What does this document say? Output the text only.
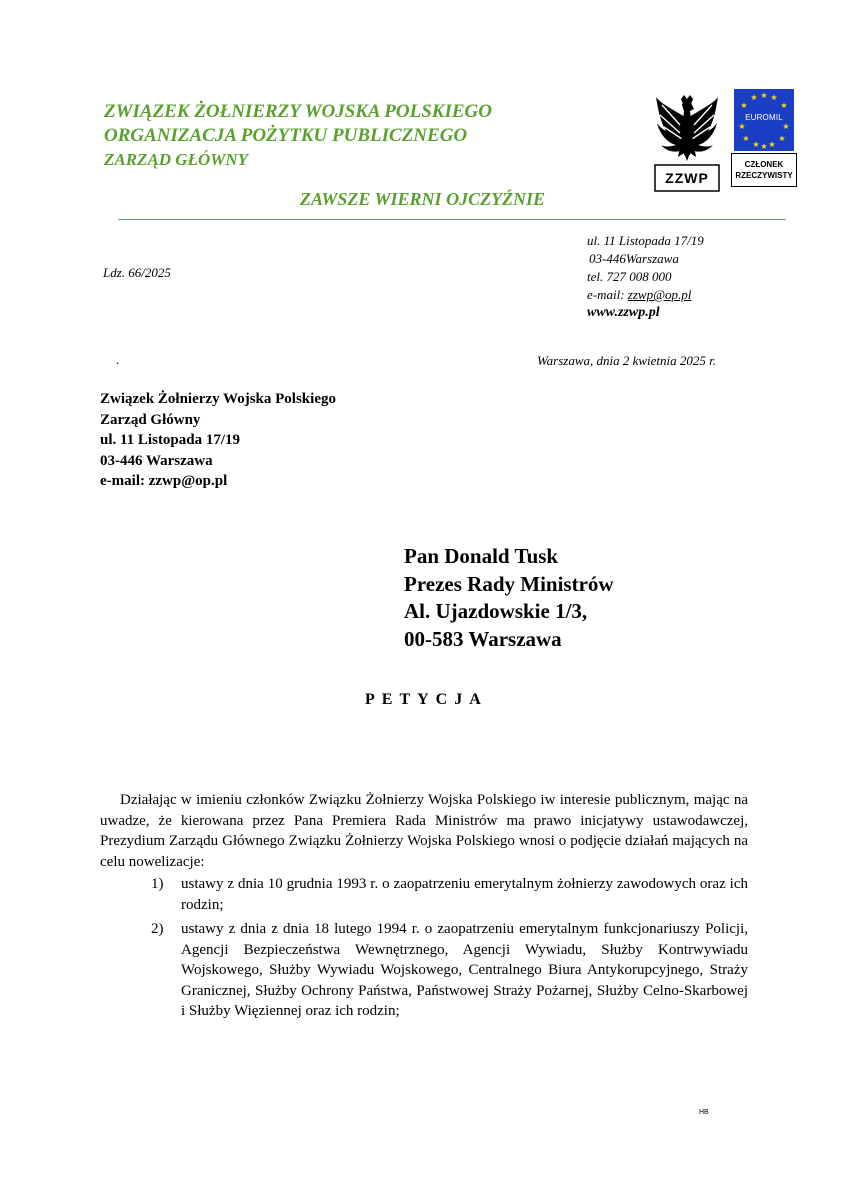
ZWIĄZEK ŻOŁNIERZY WOJSKA POLSKIEGO
ORGANIZACJA POŻYTKU PUBLICZNEGO
ZARZĄD GŁÓWNY
ZAWSZE WIERNI OJCZYŹNIE
ZZWP
★ ★ ★
★	★
★	★
★	★
★ ★ ★
EUROMIL
CZŁONEK
RZECZYWISTY
ul. 11 Listopada 17/19
03-446Warszawa
tel. 727 008 000
e-mail: zzwp@op.pl
www.zzwp.pl
Ldz. 66/2025
.	Warszawa, dnia 2 kwietnia 2025 r.
Związek Żołnierzy Wojska Polskiego
Zarząd Główny
ul. 11 Listopada 17/19
03-446 Warszawa
e-mail: zzwp@op.pl
Pan Donald Tusk
Prezes Rady Ministrów
Al. Ujazdowskie 1/3,
00-583 Warszawa
PETYCJA

Działając w imieniu członków Związku Żołnierzy Wojska Polskiego iw interesie publicznym, mając na uwadze, że kierowana przez Pana Premiera Rada Ministrów ma prawo inicjatywy ustawodawczej, Prezydium Zarządu Głównego Związku Żołnierzy Wojska Polskiego wnosi o podjęcie działań mających na celu nowelizacje:

1) ustawy z dnia 10 grudnia 1993 r. o zaopatrzeniu emerytalnym żołnierzy zawodowych oraz ich rodzin;
2) ustawy z dnia z dnia 18 lutego 1994 r. o zaopatrzeniu emerytalnym funkcjonariuszy Policji, Agencji Bezpieczeństwa Wewnętrznego, Agencji Wywiadu, Służby Kontrwywiadu Wojskowego, Służby Wywiadu Wojskowego, Centralnego Biura Antykorupcyjnego, Straży Granicznej, Służby Ochrony Państwa, Państwowej Straży Pożarnej, Służby Celno-Skarbowej i Służby Więziennej oraz ich rodzin;
HB
